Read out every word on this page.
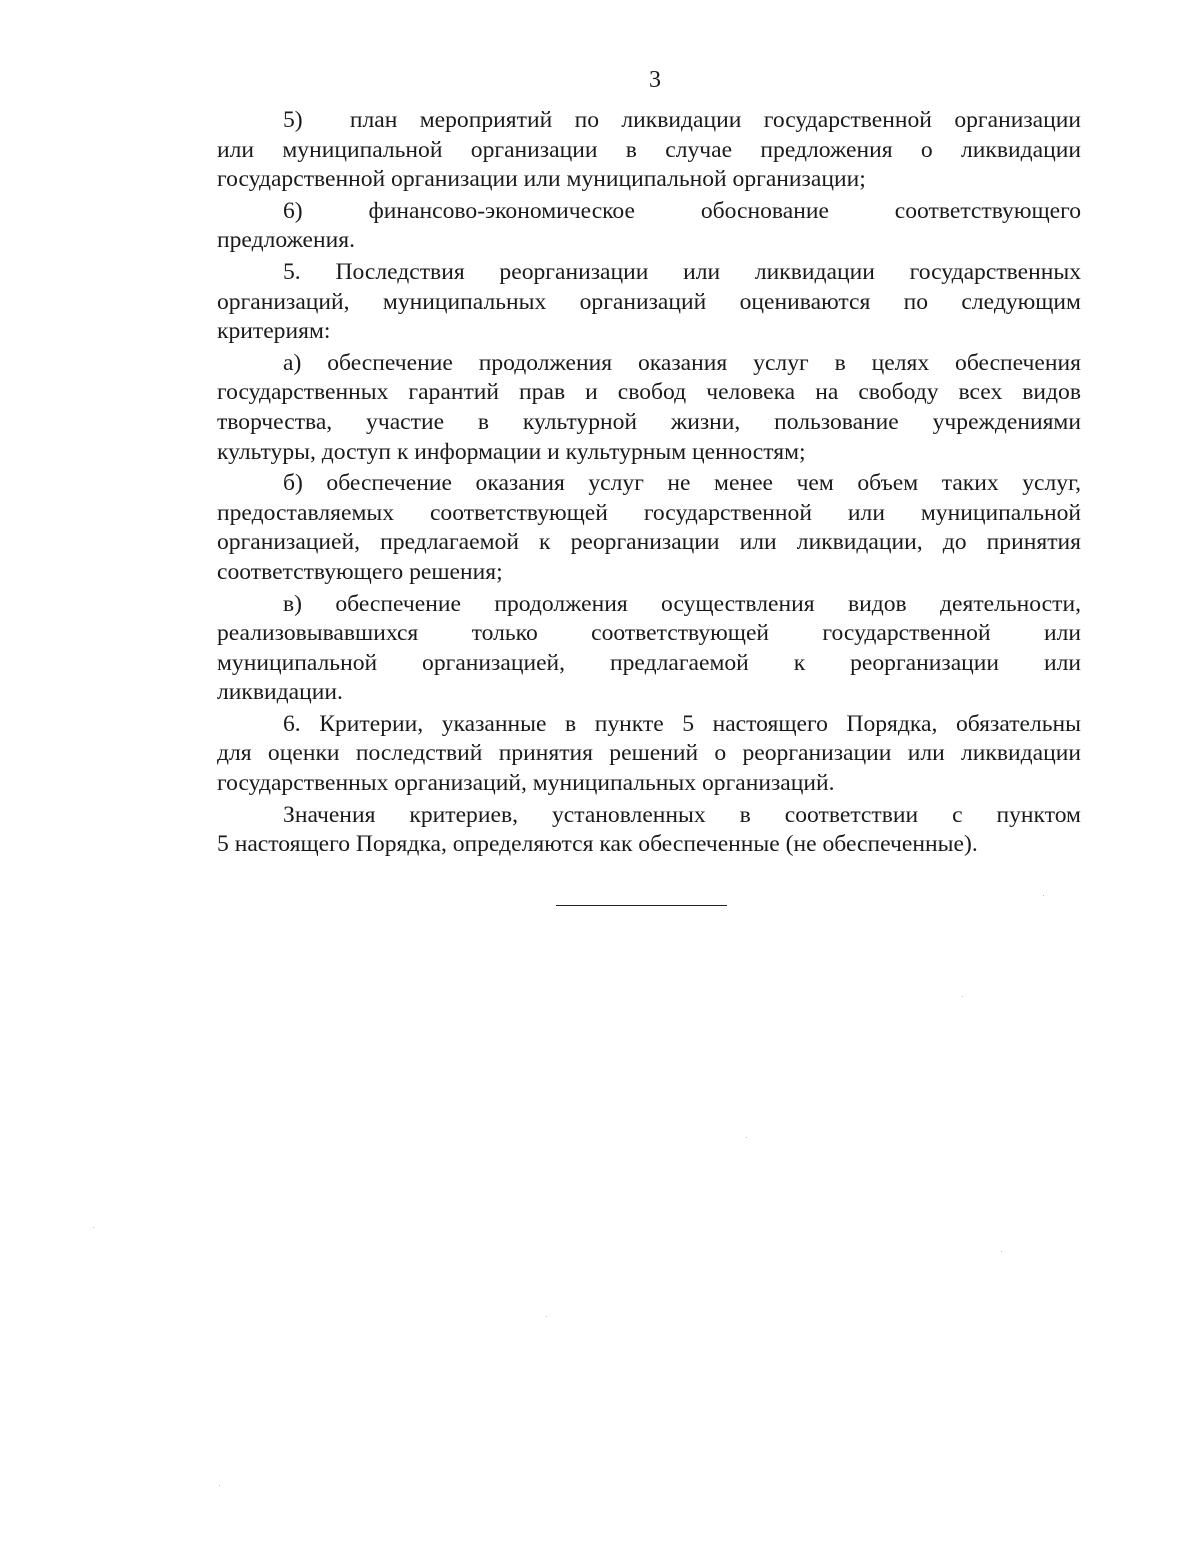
3
5)  план мероприятий по ликвидации государственной организации
или муниципальной организации в случае предложения о ликвидации
государственной организации или муниципальной организации;
6) финансово-экономическое обоснование соответствующего
предложения.
5. Последствия реорганизации или ликвидации государственных
организаций, муниципальных организаций оцениваются по следующим
критериям:
а) обеспечение продолжения оказания услуг в целях обеспечения
государственных гарантий прав и свобод человека на свободу всех видов
творчества, участие в культурной жизни, пользование учреждениями
культуры, доступ к информации и культурным ценностям;
б) обеспечение оказания услуг не менее чем объем таких услуг,
предоставляемых соответствующей государственной или муниципальной
организацией, предлагаемой к реорганизации или ликвидации, до принятия
соответствующего решения;
в) обеспечение продолжения осуществления видов деятельности,
реализовывавшихся только соответствующей государственной или
муниципальной организацией, предлагаемой к реорганизации или
ликвидации.
6. Критерии, указанные в пункте 5 настоящего Порядка, обязательны
для оценки последствий принятия решений о реорганизации или ликвидации
государственных организаций, муниципальных организаций.
Значения критериев, установленных в соответствии с пунктом
5 настоящего Порядка, определяются как обеспеченные (не обеспеченные).
